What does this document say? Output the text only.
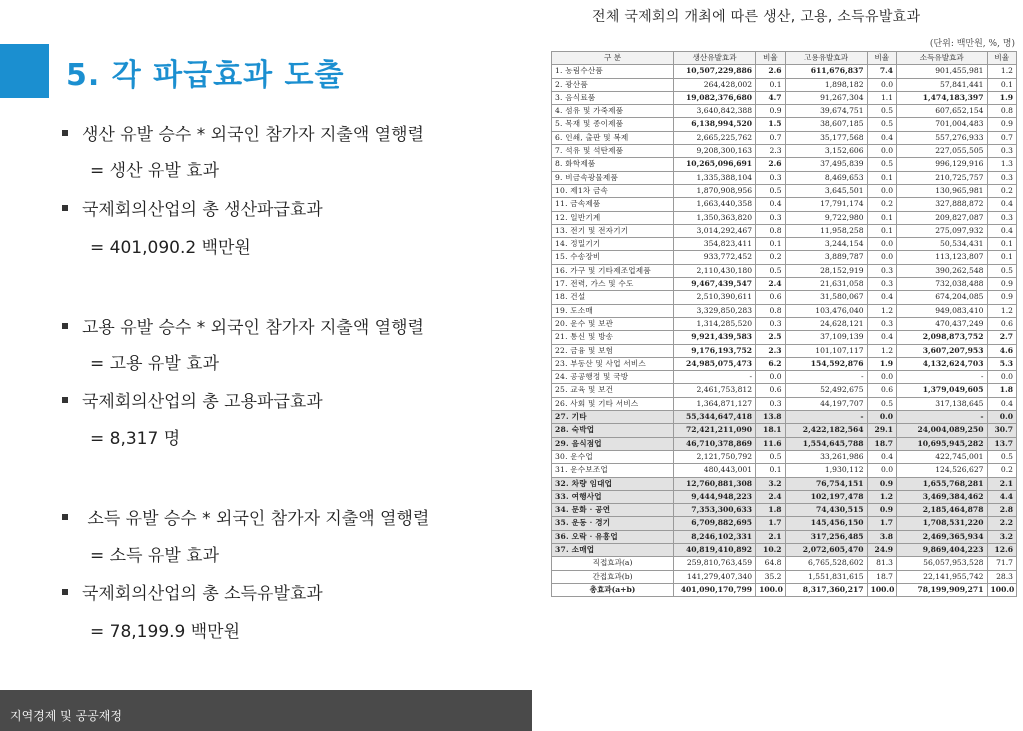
5. 각 파급효과 도출
생산 유발 승수 * 외국인 참가자 지출액 열행렬
= 생산 유발 효과
국제회의산업의 총 생산파급효과
= 401,090.2 백만원
고용 유발 승수 * 외국인 참가자 지출액 열행렬
= 고용 유발 효과
국제회의산업의 총 고용파급효과
= 8,317 명
소득 유발 승수 * 외국인 참가자 지출액 열행렬
= 소득 유발 효과
국제회의산업의 총 소득유발효과
= 78,199.9 백만원
지역경제 및 공공재정
전체 국제회의 개최에 따른 생산, 고용, 소득유발효과
(단위: 백만원, %, 명)
구 분	생산유발효과	비율	고용유발효과	비율	소득유발효과	비율
1. 농림수산품	10,507,229,886	2.6	611,676,837	7.4	901,455,981	1.2
2. 광산품	264,428,002	0.1	1,898,182	0.0	57,841,441	0.1
3. 음식료품	19,082,376,680	4.7	91,267,304	1.1	1,474,183,397	1.9
4. 섬유 및 가죽제품	3,640,842,388	0.9	39,674,751	0.5	607,652,154	0.8
5. 목재 및 종이제품	6,138,994,520	1.5	38,607,185	0.5	701,004,483	0.9
6. 인쇄, 출판 및 복제	2,665,225,762	0.7	35,177,568	0.4	557,276,933	0.7
7. 석유 및 석탄제품	9,208,300,163	2.3	3,152,606	0.0	227,055,505	0.3
8. 화학제품	10,265,096,691	2.6	37,495,839	0.5	996,129,916	1.3
9. 비금속광물제품	1,335,388,104	0.3	8,469,653	0.1	210,725,757	0.3
10. 제1차 금속	1,870,908,956	0.5	3,645,501	0.0	130,965,981	0.2
11. 금속제품	1,663,440,358	0.4	17,791,174	0.2	327,888,872	0.4
12. 일반기계	1,350,363,820	0.3	9,722,980	0.1	209,827,087	0.3
13. 전기 및 전자기기	3,014,292,467	0.8	11,958,258	0.1	275,097,932	0.4
14. 정밀기기	354,823,411	0.1	3,244,154	0.0	50,534,431	0.1
15. 수송장비	933,772,452	0.2	3,889,787	0.0	113,123,807	0.1
16. 가구 및 기타제조업제품	2,110,430,180	0.5	28,152,919	0.3	390,262,548	0.5
17. 전력, 가스 및 수도	9,467,439,547	2.4	21,631,058	0.3	732,038,488	0.9
18. 건설	2,510,390,611	0.6	31,580,067	0.4	674,204,085	0.9
19. 도소매	3,329,850,283	0.8	103,476,040	1.2	949,083,410	1.2
20. 운수 및 보관	1,314,285,520	0.3	24,628,121	0.3	470,437,249	0.6
21. 통신 및 방송	9,921,439,583	2.5	37,109,139	0.4	2,098,873,752	2.7
22. 금융 및 보험	9,176,193,752	2.3	101,107,117	1.2	3,607,207,953	4.6
23. 부동산 및 사업 서비스	24,985,075,473	6.2	154,592,876	1.9	4,132,624,703	5.3
24. 공공행정 및 국방	-	0.0	-	0.0	-	0.0
25. 교육 및 보건	2,461,753,812	0.6	52,492,675	0.6	1,379,049,605	1.8
26. 사회 및 기타 서비스	1,364,871,127	0.3	44,197,707	0.5	317,138,645	0.4
27. 기타	55,344,647,418	13.8	-	0.0	-	0.0
28. 숙박업	72,421,211,090	18.1	2,422,182,564	29.1	24,004,089,250	30.7
29. 음식점업	46,710,378,869	11.6	1,554,645,788	18.7	10,695,945,282	13.7
30. 운수업	2,121,750,792	0.5	33,261,986	0.4	422,745,001	0.5
31. 운수보조업	480,443,001	0.1	1,930,112	0.0	124,526,627	0.2
32. 차량 임대업	12,760,881,308	3.2	76,754,151	0.9	1,655,768,281	2.1
33. 여행사업	9,444,948,223	2.4	102,197,478	1.2	3,469,384,462	4.4
34. 문화 · 공연	7,353,300,633	1.8	74,430,515	0.9	2,185,464,878	2.8
35. 운동 · 경기	6,709,882,695	1.7	145,456,150	1.7	1,708,531,220	2.2
36. 오락 · 유흥업	8,246,102,331	2.1	317,256,485	3.8	2,469,365,934	3.2
37. 소매업	40,819,410,892	10.2	2,072,605,470	24.9	9,869,404,223	12.6
직접효과(a)	259,810,763,459	64.8	6,765,528,602	81.3	56,057,953,528	71.7
간접효과(b)	141,279,407,340	35.2	1,551,831,615	18.7	22,141,955,742	28.3
총효과(a+b)	401,090,170,799	100.0	8,317,360,217	100.0	78,199,909,271	100.0
